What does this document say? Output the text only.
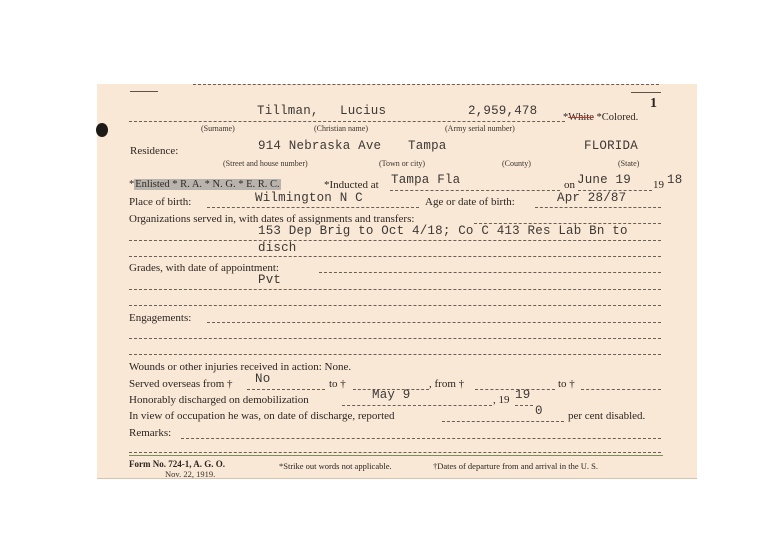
1
Tillman, Lucius	2,959,478 *White *Colored.
(Surname)	(Christian name)	(Army serial number)
Residence:	914 Nebraska Ave Tampa	FLORIDA
(Street and house number)	(Town or city)	(County)	(State)
*Enlisted * R. A. * N. G. * E. R. C.	*Inducted at Tampa Fla	on June 19 19 18
Place of birth:	Wilmington N C	Age or date of birth:	Apr 28/87
Organizations served in, with dates of assignments and transfers:
153 Dep Brig to Oct 4/18; Co C 413 Res Lab Bn to
disch
Grades, with date of appointment:
Pvt
Engagements:
Wounds or other injuries received in action: None.
Served overseas from † No	to †	, from †	to †
Honorably discharged on demobilization	May 9	, 19 19
In view of occupation he was, on date of discharge, reported	0 per cent disabled.
Remarks:
Form No. 724-1, A. G. O.
Nov. 22, 1919.
*Strike out words not applicable.	†Dates of departure from and arrival in the U. S.
